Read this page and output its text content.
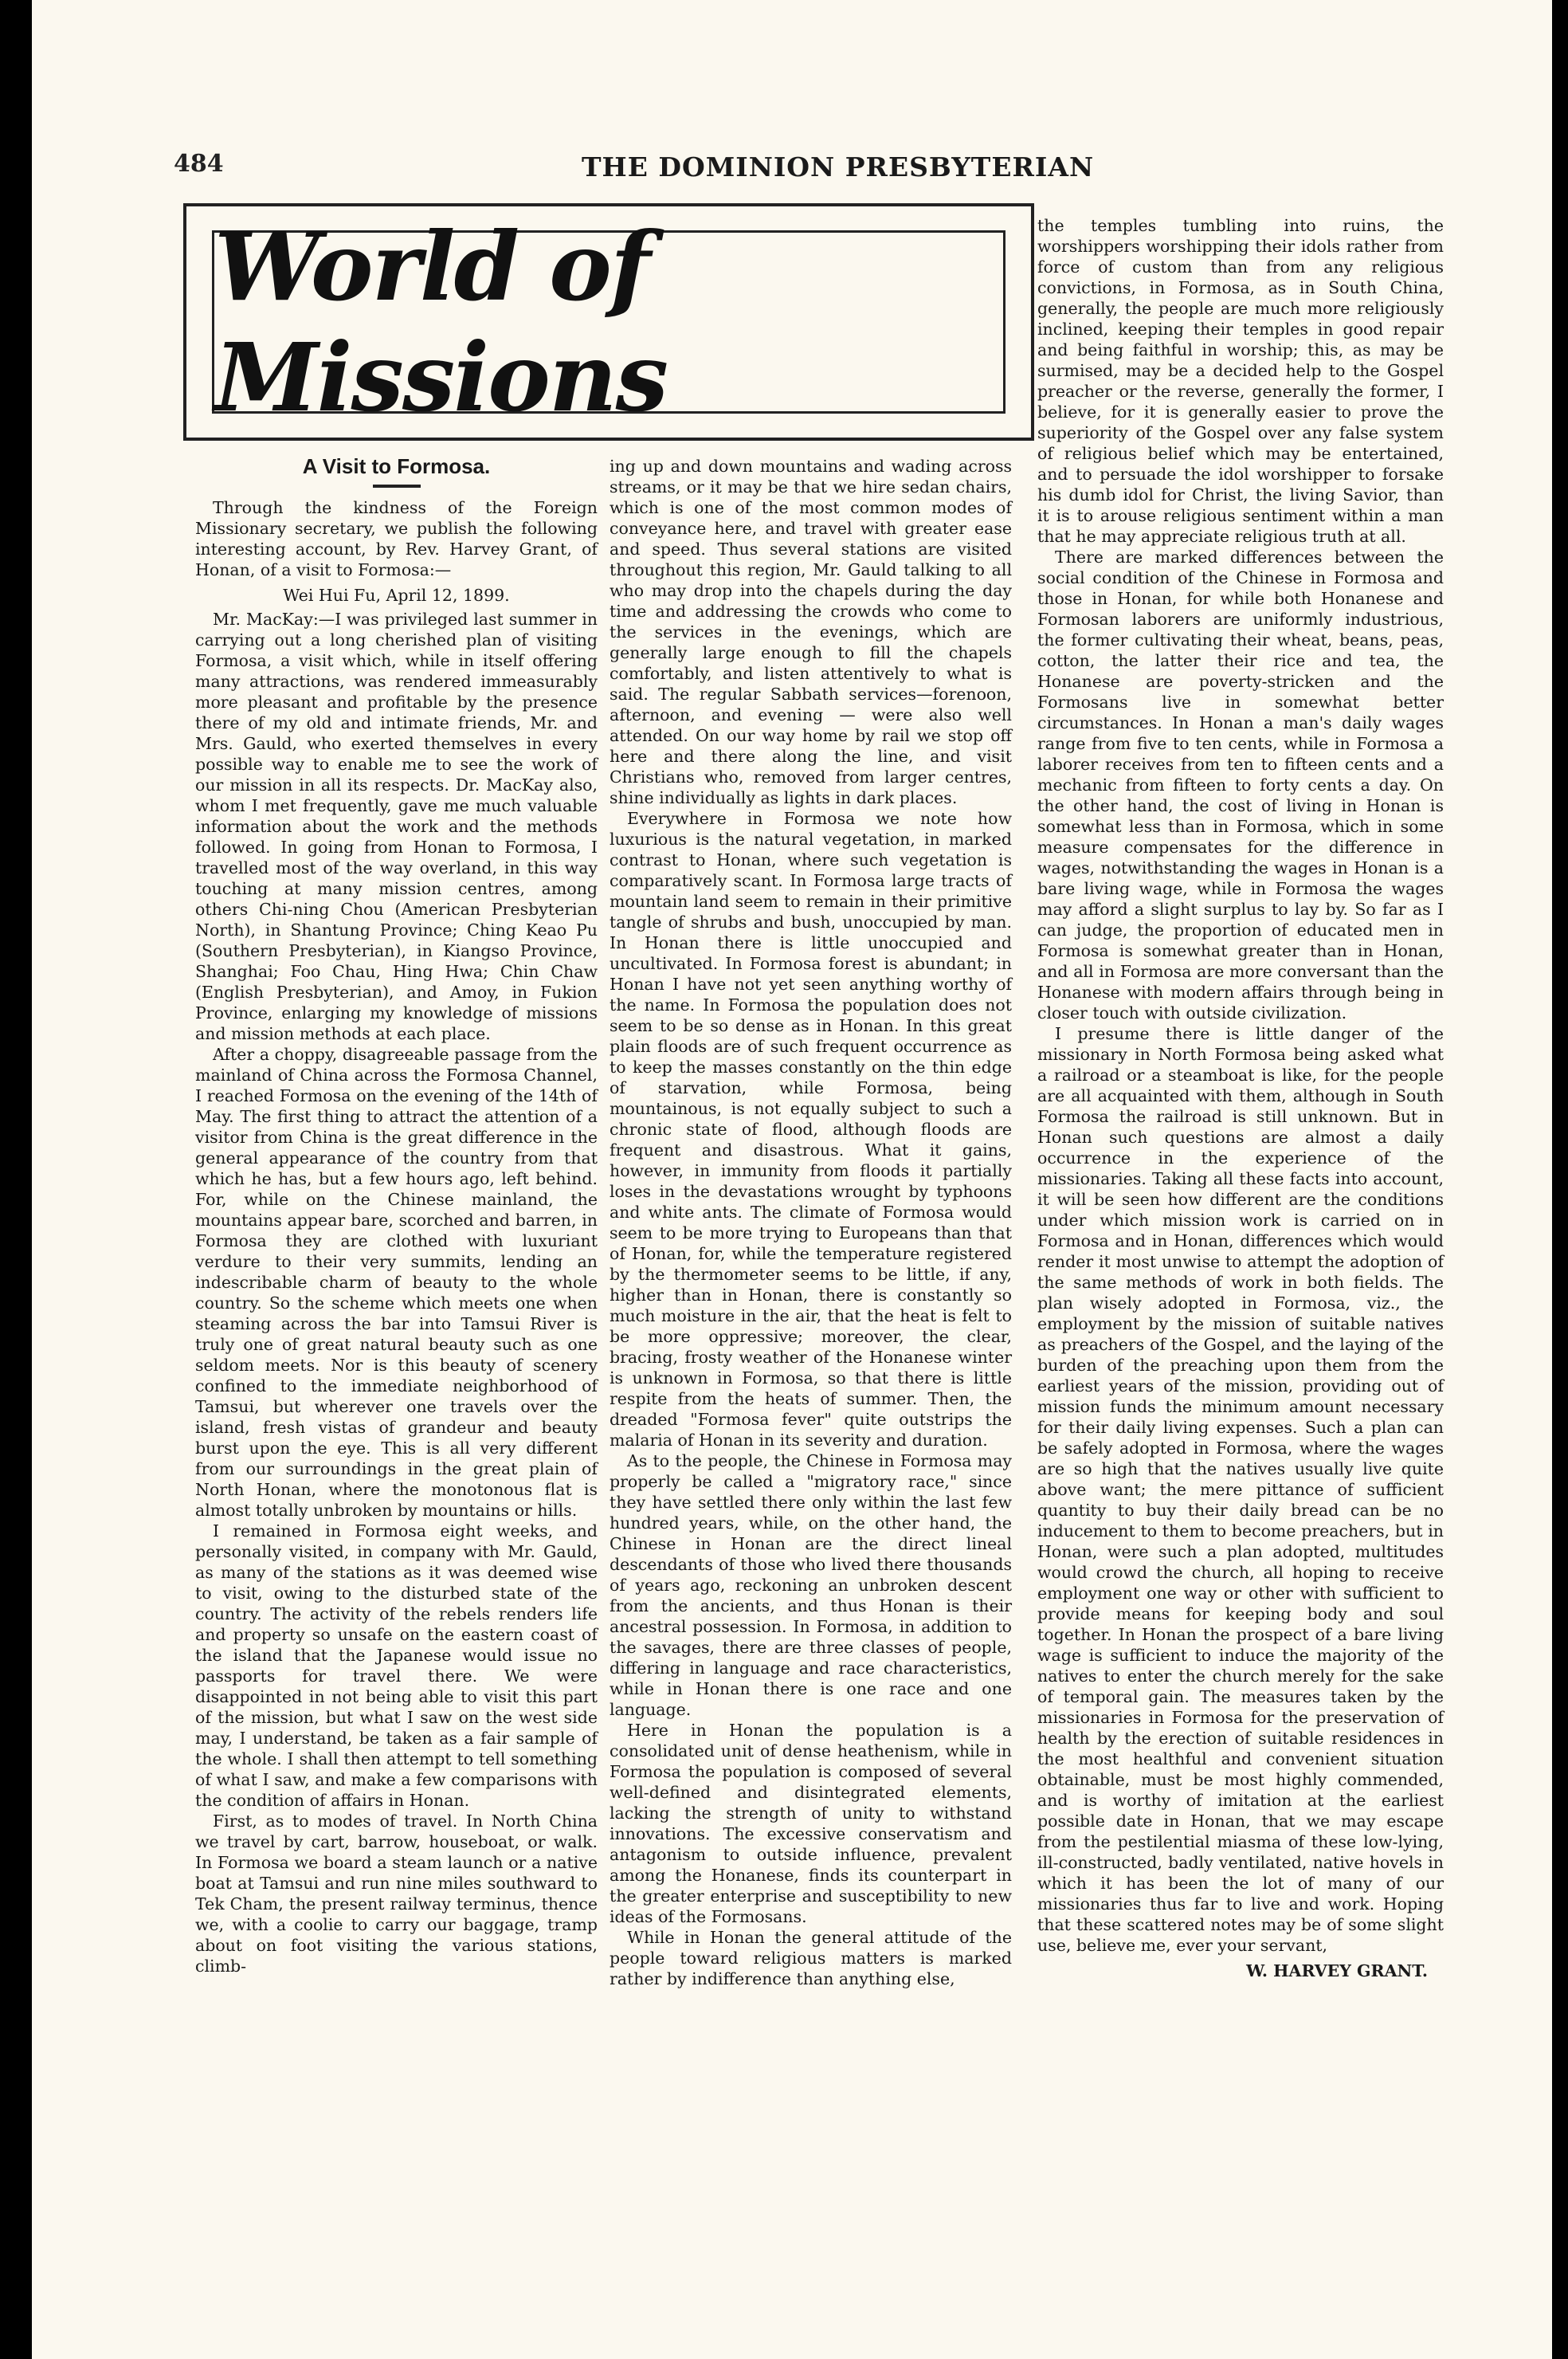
484	THE DOMINION PRESBYTERIAN
World of Missions
A Visit to Formosa.

Through the kindness of the Foreign Missionary secretary, we publish the following interesting account, by Rev. Harvey Grant, of Honan, of a visit to Formosa:—

Wei Hui Fu, April 12, 1899.

Mr. MacKay:—I was privileged last summer in carrying out a long cherished plan of visiting Formosa, a visit which, while in itself offering many attractions, was rendered immeasurably more pleasant and profitable by the presence there of my old and intimate friends, Mr. and Mrs. Gauld, who exerted themselves in every possible way to enable me to see the work of our mission in all its respects. Dr. MacKay also, whom I met frequently, gave me much valuable information about the work and the methods followed. In going from Honan to Formosa, I travelled most of the way overland, in this way touching at many mission centres, among others Chi-ning Chou (American Presbyterian North), in Shantung Province; Ching Keao Pu (Southern Presbyterian), in Kiangso Province, Shanghai; Foo Chau, Hing Hwa; Chin Chaw (English Presbyterian), and Amoy, in Fukion Province, enlarging my knowledge of missions and mission methods at each place.

After a choppy, disagreeable passage from the mainland of China across the Formosa Channel, I reached Formosa on the evening of the 14th of May. The first thing to attract the attention of a visitor from China is the great difference in the general appearance of the country from that which he has, but a few hours ago, left behind. For, while on the Chinese mainland, the mountains appear bare, scorched and barren, in Formosa they are clothed with luxuriant verdure to their very summits, lending an indescribable charm of beauty to the whole country. So the scheme which meets one when steaming across the bar into Tamsui River is truly one of great natural beauty such as one seldom meets. Nor is this beauty of scenery confined to the immediate neighborhood of Tamsui, but wherever one travels over the island, fresh vistas of grandeur and beauty burst upon the eye. This is all very different from our surroundings in the great plain of North Honan, where the monotonous flat is almost totally unbroken by mountains or hills.

I remained in Formosa eight weeks, and personally visited, in company with Mr. Gauld, as many of the stations as it was deemed wise to visit, owing to the disturbed state of the country. The activity of the rebels renders life and property so unsafe on the eastern coast of the island that the Japanese would issue no passports for travel there. We were disappointed in not being able to visit this part of the mission, but what I saw on the west side may, I understand, be taken as a fair sample of the whole. I shall then attempt to tell something of what I saw, and make a few comparisons with the condition of affairs in Honan.

First, as to modes of travel. In North China we travel by cart, barrow, houseboat, or walk. In Formosa we board a steam launch or a native boat at Tamsui and run nine miles southward to Tek Cham, the present railway terminus, thence we, with a coolie to carry our baggage, tramp about on foot visiting the various stations, climb-

ing up and down mountains and wading across streams, or it may be that we hire sedan chairs, which is one of the most common modes of conveyance here, and travel with greater ease and speed. Thus several stations are visited throughout this region, Mr. Gauld talking to all who may drop into the chapels during the day time and addressing the crowds who come to the services in the evenings, which are generally large enough to fill the chapels comfortably, and listen attentively to what is said. The regular Sabbath services—forenoon, afternoon, and evening — were also well attended. On our way home by rail we stop off here and there along the line, and visit Christians who, removed from larger centres, shine individually as lights in dark places.

Everywhere in Formosa we note how luxurious is the natural vegetation, in marked contrast to Honan, where such vegetation is comparatively scant. In Formosa large tracts of mountain land seem to remain in their primitive tangle of shrubs and bush, unoccupied by man. In Honan there is little unoccupied and uncultivated. In Formosa forest is abundant; in Honan I have not yet seen anything worthy of the name. In Formosa the population does not seem to be so dense as in Honan. In this great plain floods are of such frequent occurrence as to keep the masses constantly on the thin edge of starvation, while Formosa, being mountainous, is not equally subject to such a chronic state of flood, although floods are frequent and disastrous. What it gains, however, in immunity from floods it partially loses in the devastations wrought by typhoons and white ants. The climate of Formosa would seem to be more trying to Europeans than that of Honan, for, while the temperature registered by the thermometer seems to be little, if any, higher than in Honan, there is constantly so much moisture in the air, that the heat is felt to be more oppressive; moreover, the clear, bracing, frosty weather of the Honanese winter is unknown in Formosa, so that there is little respite from the heats of summer. Then, the dreaded "Formosa fever" quite outstrips the malaria of Honan in its severity and duration.

As to the people, the Chinese in Formosa may properly be called a "migratory race," since they have settled there only within the last few hundred years, while, on the other hand, the Chinese in Honan are the direct lineal descendants of those who lived there thousands of years ago, reckoning an unbroken descent from the ancients, and thus Honan is their ancestral possession. In Formosa, in addition to the savages, there are three classes of people, differing in language and race characteristics, while in Honan there is one race and one language.

Here in Honan the population is a consolidated unit of dense heathenism, while in Formosa the population is composed of several well-defined and disintegrated elements, lacking the strength of unity to withstand innovations. The excessive conservatism and antagonism to outside influence, prevalent among the Honanese, finds its counterpart in the greater enterprise and susceptibility to new ideas of the Formosans.

While in Honan the general attitude of the people toward religious matters is marked rather by indifference than anything else,

the temples tumbling into ruins, the worshippers worshipping their idols rather from force of custom than from any religious convictions, in Formosa, as in South China, generally, the people are much more religiously inclined, keeping their temples in good repair and being faithful in worship; this, as may be surmised, may be a decided help to the Gospel preacher or the reverse, generally the former, I believe, for it is generally easier to prove the superiority of the Gospel over any false system of religious belief which may be entertained, and to persuade the idol worshipper to forsake his dumb idol for Christ, the living Savior, than it is to arouse religious sentiment within a man that he may appreciate religious truth at all.

There are marked differences between the social condition of the Chinese in Formosa and those in Honan, for while both Honanese and Formosan laborers are uniformly industrious, the former cultivating their wheat, beans, peas, cotton, the latter their rice and tea, the Honanese are poverty-stricken and the Formosans live in somewhat better circumstances. In Honan a man's daily wages range from five to ten cents, while in Formosa a laborer receives from ten to fifteen cents and a mechanic from fifteen to forty cents a day. On the other hand, the cost of living in Honan is somewhat less than in Formosa, which in some measure compensates for the difference in wages, notwithstanding the wages in Honan is a bare living wage, while in Formosa the wages may afford a slight surplus to lay by. So far as I can judge, the proportion of educated men in Formosa is somewhat greater than in Honan, and all in Formosa are more conversant than the Honanese with modern affairs through being in closer touch with outside civilization.

I presume there is little danger of the missionary in North Formosa being asked what a railroad or a steamboat is like, for the people are all acquainted with them, although in South Formosa the railroad is still unknown. But in Honan such questions are almost a daily occurrence in the experience of the missionaries. Taking all these facts into account, it will be seen how different are the conditions under which mission work is carried on in Formosa and in Honan, differences which would render it most unwise to attempt the adoption of the same methods of work in both fields. The plan wisely adopted in Formosa, viz., the employment by the mission of suitable natives as preachers of the Gospel, and the laying of the burden of the preaching upon them from the earliest years of the mission, providing out of mission funds the minimum amount necessary for their daily living expenses. Such a plan can be safely adopted in Formosa, where the wages are so high that the natives usually live quite above want; the mere pittance of sufficient quantity to buy their daily bread can be no inducement to them to become preachers, but in Honan, were such a plan adopted, multitudes would crowd the church, all hoping to receive employment one way or other with sufficient to provide means for keeping body and soul together. In Honan the prospect of a bare living wage is sufficient to induce the majority of the natives to enter the church merely for the sake of temporal gain. The measures taken by the missionaries in Formosa for the preservation of health by the erection of suitable residences in the most healthful and convenient situation obtainable, must be most highly commended, and is worthy of imitation at the earliest possible date in Honan, that we may escape from the pestilential miasma of these low-lying, ill-constructed, badly ventilated, native hovels in which it has been the lot of many of our missionaries thus far to live and work. Hoping that these scattered notes may be of some slight use, believe me, ever your servant,

W. HARVEY GRANT.
